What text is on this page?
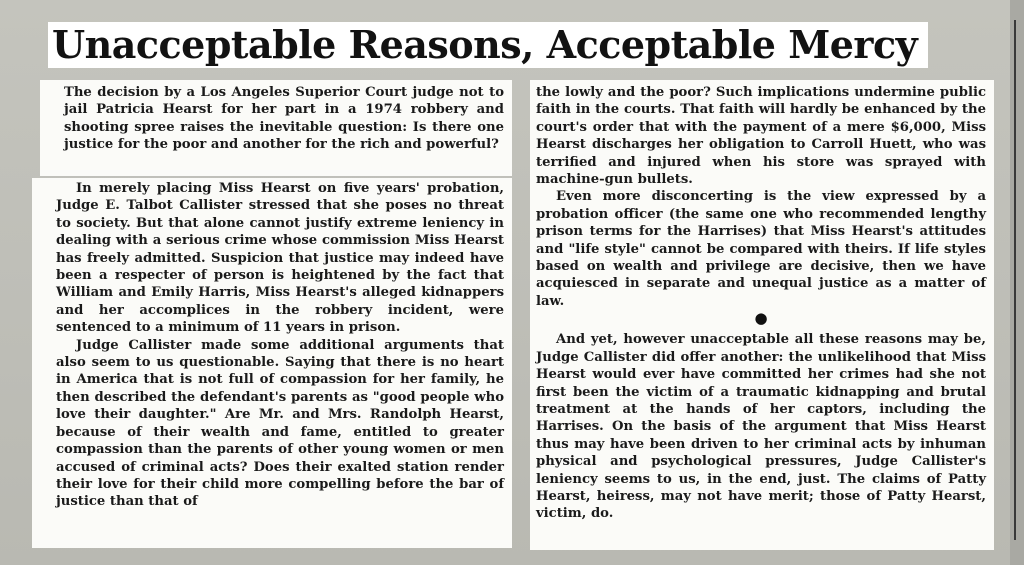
Unacceptable Reasons, Acceptable Mercy

The decision by a Los Angeles Superior Court judge not to jail Patricia Hearst for her part in a 1974 robbery and shooting spree raises the inevitable question: Is there one justice for the poor and another for the rich and powerful?

In merely placing Miss Hearst on five years' probation, Judge E. Talbot Callister stressed that she poses no threat to society. But that alone cannot justify extreme leniency in dealing with a serious crime whose commission Miss Hearst has freely admitted. Suspicion that justice may indeed have been a respecter of person is heightened by the fact that William and Emily Harris, Miss Hearst's alleged kidnappers and her accomplices in the robbery incident, were sentenced to a minimum of 11 years in prison.

Judge Callister made some additional arguments that also seem to us questionable. Saying that there is no heart in America that is not full of compassion for her family, he then described the defendant's parents as "good people who love their daughter." Are Mr. and Mrs. Randolph Hearst, because of their wealth and fame, entitled to greater compassion than the parents of other young women or men accused of criminal acts? Does their exalted station render their love for their child more compelling before the bar of justice than that of

the lowly and the poor? Such implications undermine public faith in the courts. That faith will hardly be enhanced by the court's order that with the payment of a mere $6,000, Miss Hearst discharges her obligation to Carroll Huett, who was terrified and injured when his store was sprayed with machine-gun bullets.

Even more disconcerting is the view expressed by a probation officer (the same one who recommended lengthy prison terms for the Harrises) that Miss Hearst's attitudes and "life style" cannot be compared with theirs. If life styles based on wealth and privilege are decisive, then we have acquiesced in separate and unequal justice as a matter of law.

●

And yet, however unacceptable all these reasons may be, Judge Callister did offer another: the unlikelihood that Miss Hearst would ever have committed her crimes had she not first been the victim of a traumatic kidnapping and brutal treatment at the hands of her captors, including the Harrises. On the basis of the argument that Miss Hearst thus may have been driven to her criminal acts by inhuman physical and psychological pressures, Judge Callister's leniency seems to us, in the end, just. The claims of Patty Hearst, heiress, may not have merit; those of Patty Hearst, victim, do.
